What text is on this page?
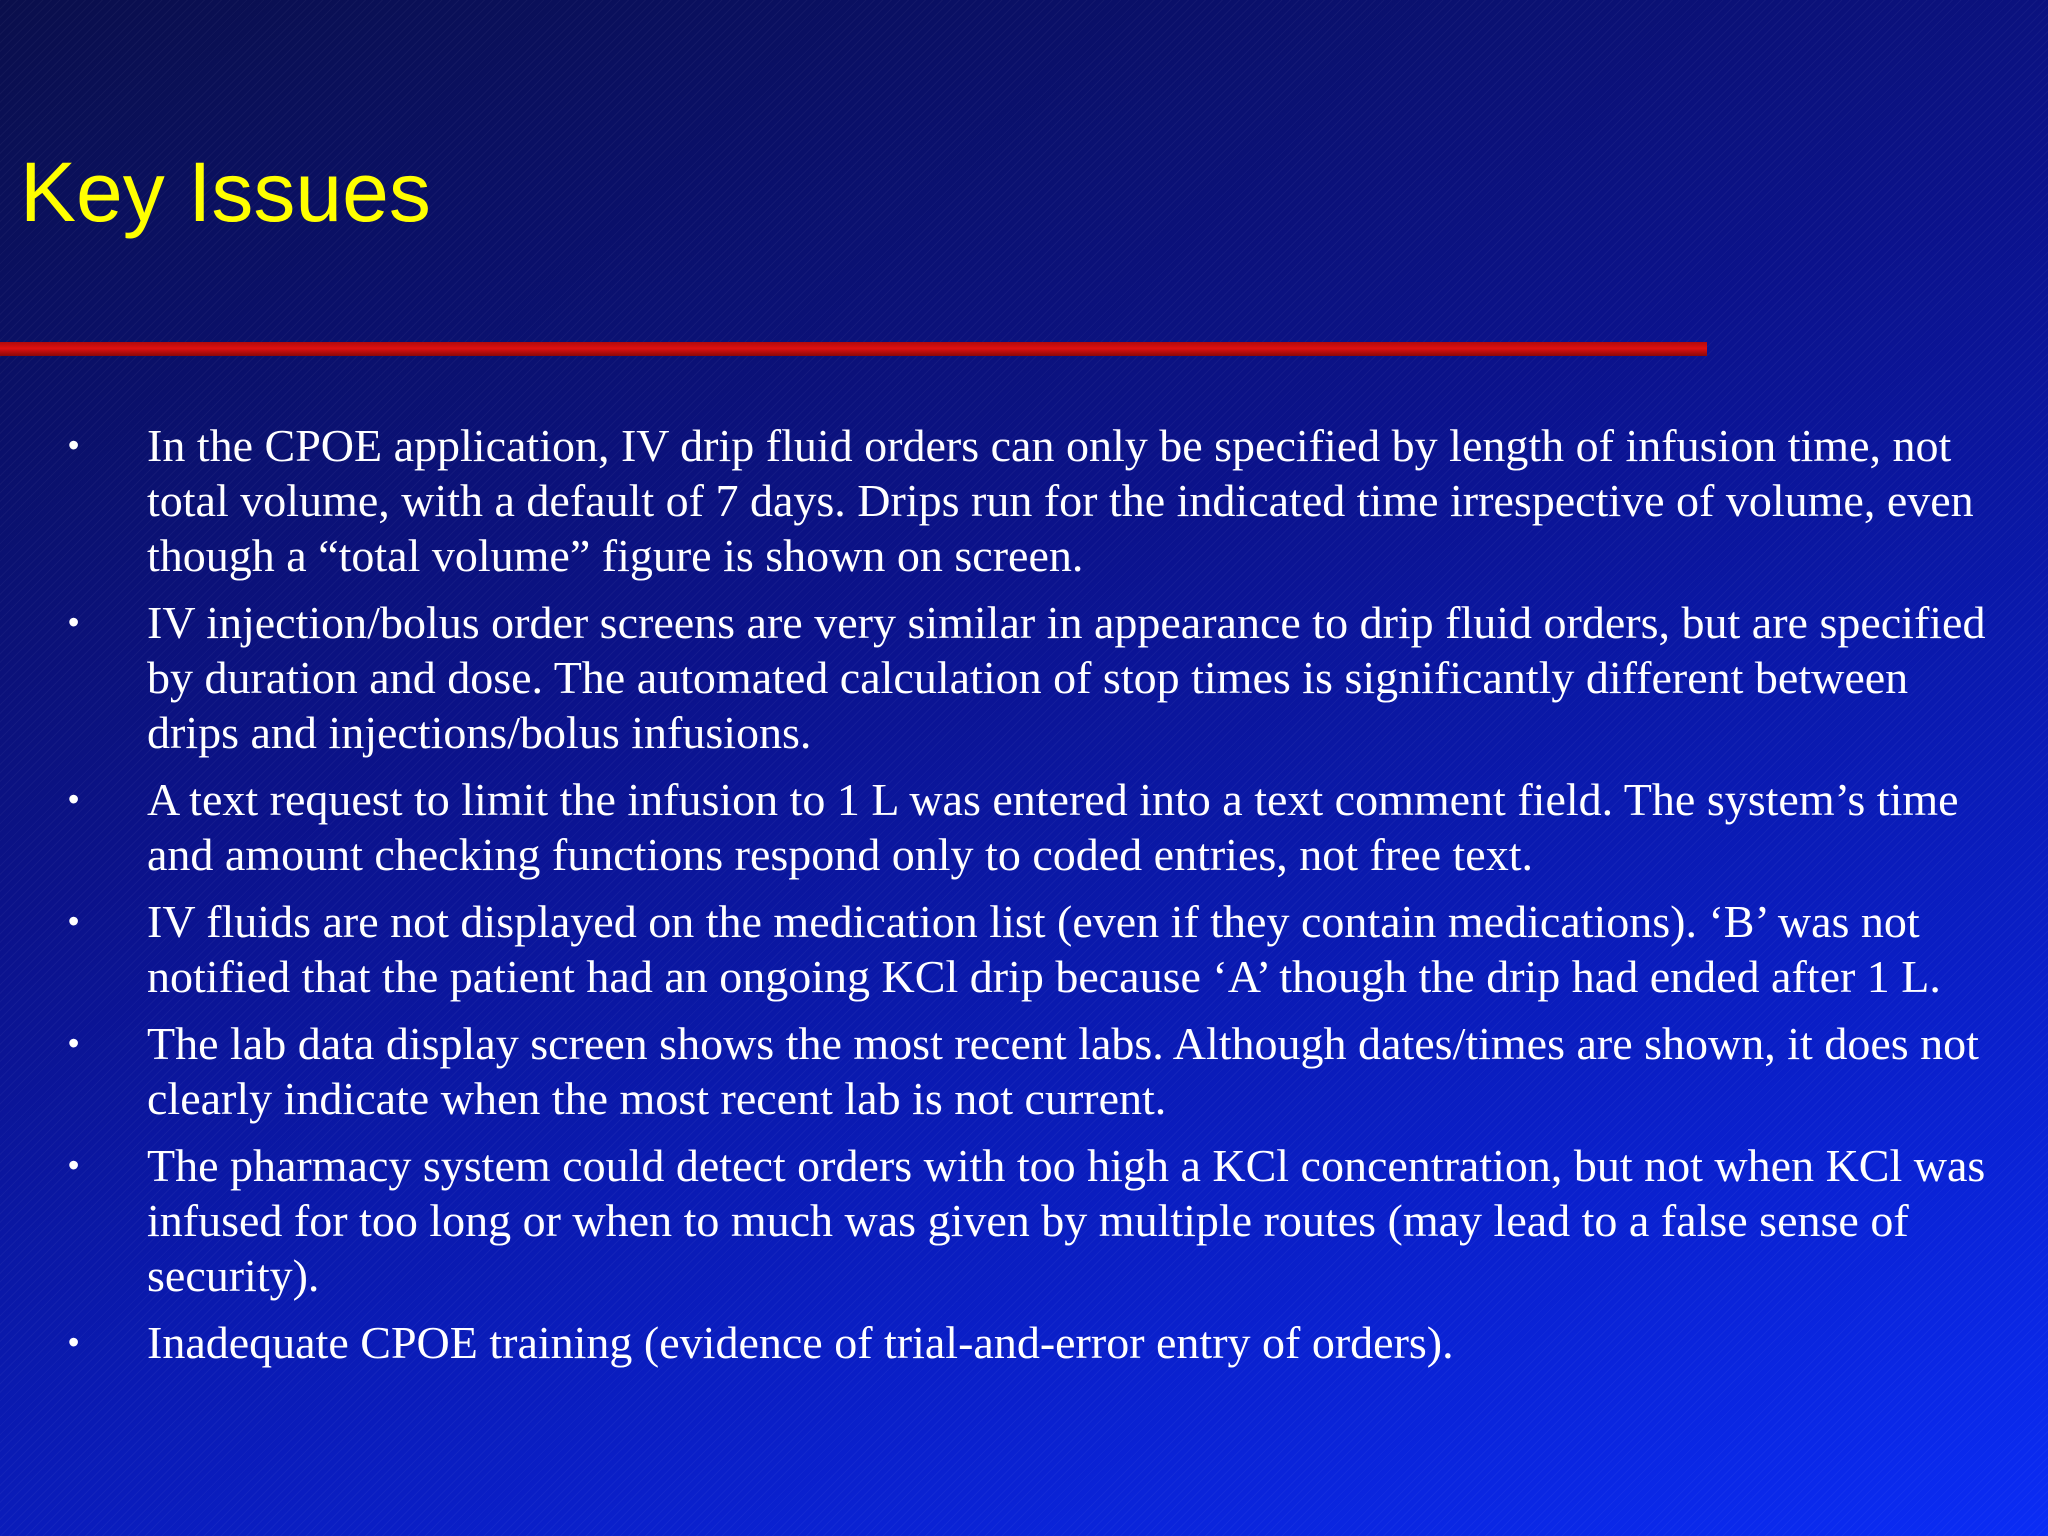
Key Issues
• In the CPOE application, IV drip fluid orders can only be specified by length of infusion time, not total volume, with a default of 7 days. Drips run for the indicated time irrespective of volume, even though a “total volume” figure is shown on screen.
• IV injection/bolus order screens are very similar in appearance to drip fluid orders, but are specified by duration and dose. The automated calculation of stop times is significantly different between drips and injections/bolus infusions.
• A text request to limit the infusion to 1 L was entered into a text comment field. The system’s time and amount checking functions respond only to coded entries, not free text.
• IV fluids are not displayed on the medication list (even if they contain medications). ‘B’ was not notified that the patient had an ongoing KCl drip because ‘A’ though the drip had ended after 1 L.
• The lab data display screen shows the most recent labs. Although dates/times are shown, it does not clearly indicate when the most recent lab is not current.
• The pharmacy system could detect orders with too high a KCl concentration, but not when KCl was infused for too long or when to much was given by multiple routes (may lead to a false sense of security).
• Inadequate CPOE training (evidence of trial-and-error entry of orders).
